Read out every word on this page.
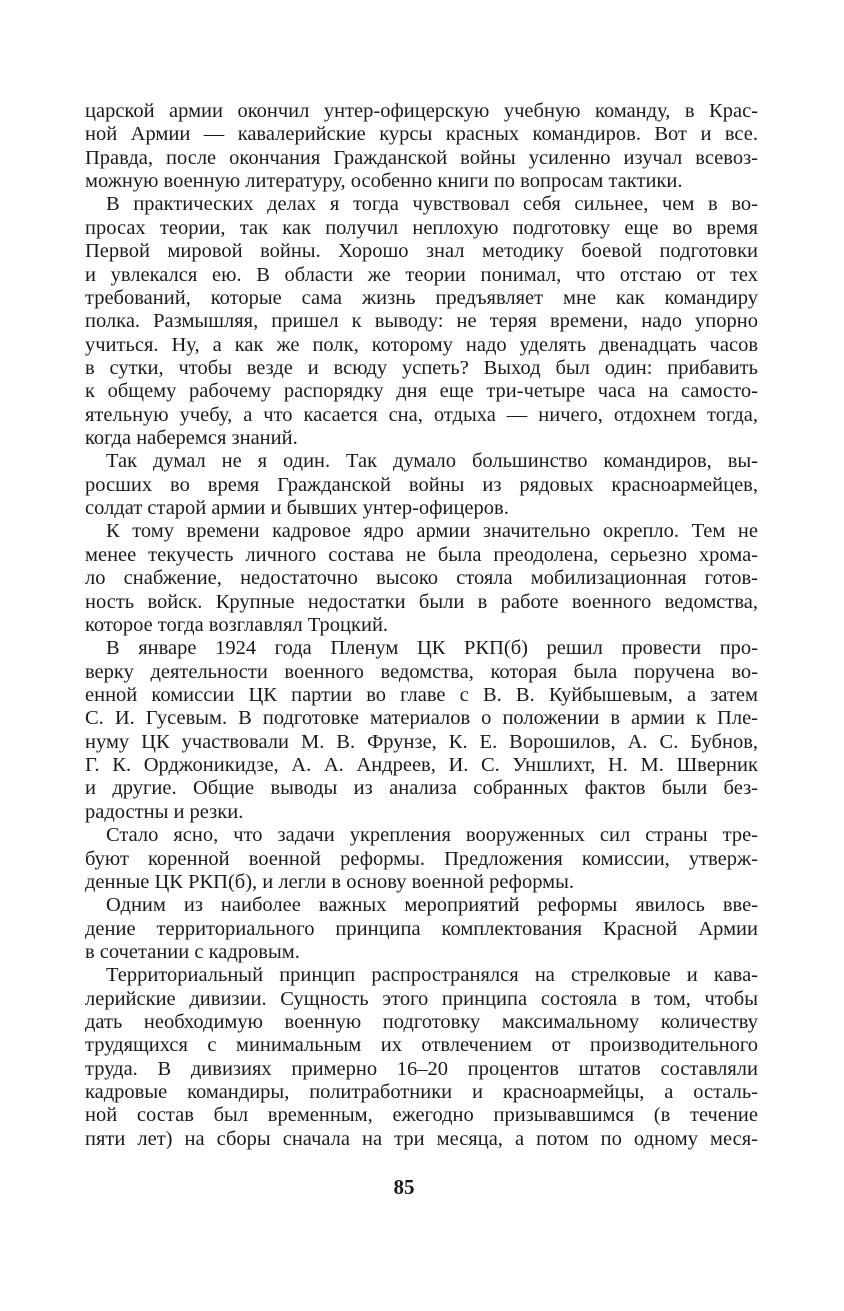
царской армии окончил унтер-офицерскую учебную команду, в Крас-
ной Армии — кавалерийские курсы красных командиров. Вот и все.
Правда, после окончания Гражданской войны усиленно изучал всевоз-
можную военную литературу, особенно книги по вопросам тактики.
В практических делах я тогда чувствовал себя сильнее, чем в во-
просах теории, так как получил неплохую подготовку еще во время
Первой мировой войны. Хорошо знал методику боевой подготовки
и увлекался ею. В области же теории понимал, что отстаю от тех
требований, которые сама жизнь предъявляет мне как командиру
полка. Размышляя, пришел к выводу: не теряя времени, надо упорно
учиться. Ну, а как же полк, которому надо уделять двенадцать часов
в сутки, чтобы везде и всюду успеть? Выход был один: прибавить
к общему рабочему распорядку дня еще три-четыре часа на самосто-
ятельную учебу, а что касается сна, отдыха — ничего, отдохнем тогда,
когда наберемся знаний.
Так думал не я один. Так думало большинство командиров, вы-
росших во время Гражданской войны из рядовых красноармейцев,
солдат старой армии и бывших унтер-офицеров.
К тому времени кадровое ядро армии значительно окрепло. Тем не
менее текучесть личного состава не была преодолена, серьезно хрома-
ло снабжение, недостаточно высоко стояла мобилизационная готов-
ность войск. Крупные недостатки были в работе военного ведомства,
которое тогда возглавлял Троцкий.
В январе 1924 года Пленум ЦК РКП(б) решил провести про-
верку деятельности военного ведомства, которая была поручена во-
енной комиссии ЦК партии во главе с В. В. Куйбышевым, а затем
С. И. Гусевым. В подготовке материалов о положении в армии к Пле-
нуму ЦК участвовали М. В. Фрунзе, К. Е. Ворошилов, А. С. Бубнов,
Г. К. Орджоникидзе, А. А. Андреев, И. С. Уншлихт, Н. М. Шверник
и другие. Общие выводы из анализа собранных фактов были без-
радостны и резки.
Стало ясно, что задачи укрепления вооруженных сил страны тре-
буют коренной военной реформы. Предложения комиссии, утверж-
денные ЦК РКП(б), и легли в основу военной реформы.
Одним из наиболее важных мероприятий реформы явилось вве-
дение территориального принципа комплектования Красной Армии
в сочетании с кадровым.
Территориальный принцип распространялся на стрелковые и кава-
лерийские дивизии. Сущность этого принципа состояла в том, чтобы
дать необходимую военную подготовку максимальному количеству
трудящихся с минимальным их отвлечением от производительного
труда. В дивизиях примерно 16–20 процентов штатов составляли
кадровые командиры, политработники и красноармейцы, а осталь-
ной состав был временным, ежегодно призывавшимся (в течение
пяти лет) на сборы сначала на три месяца, а потом по одному меся-
85
